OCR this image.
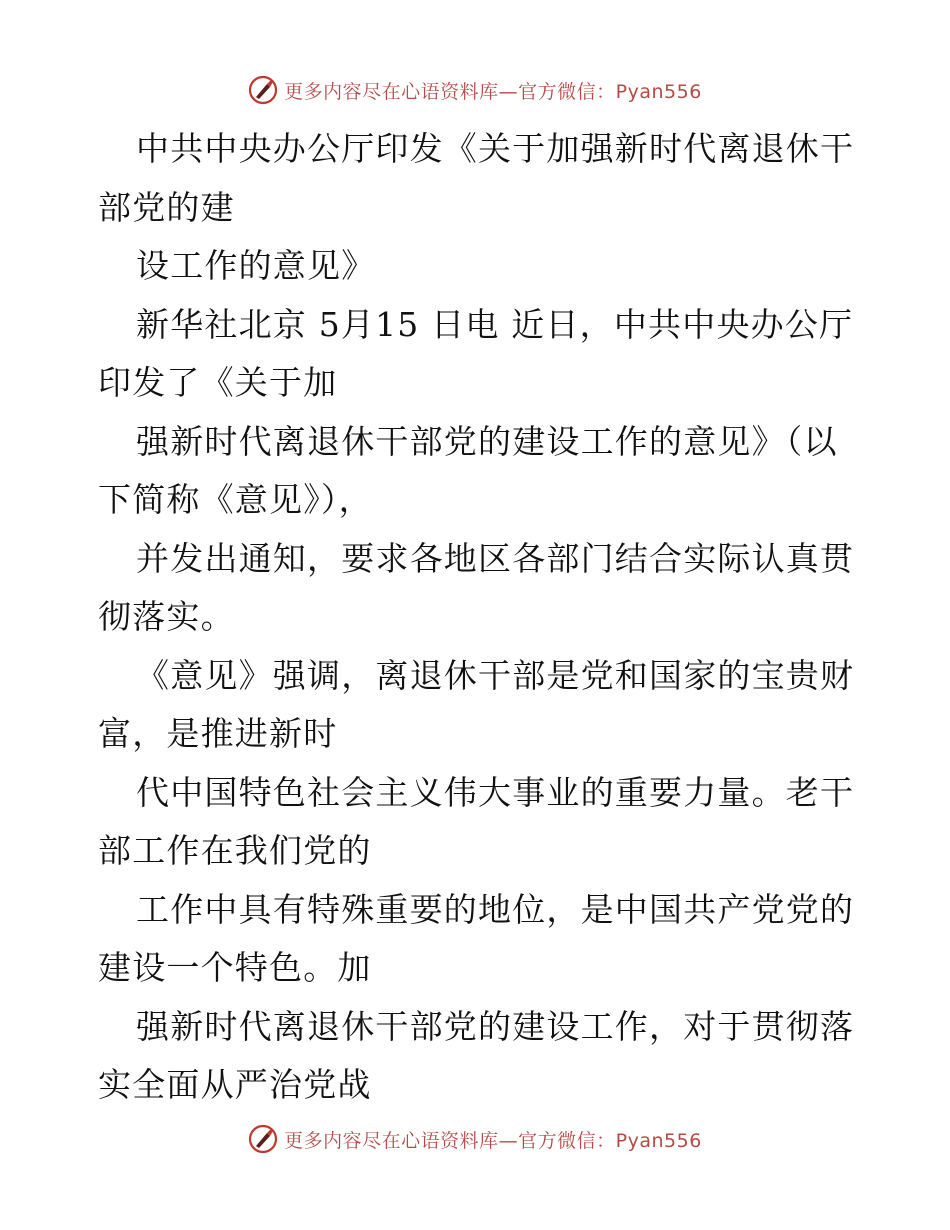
更多内容尽在心语资料库—官方微信：Pyan556

中共中央办公厅印发《关于加强新时代离退休干部党的建

设工作的意见》

新华社北京 5月15 日电 近日，中共中央办公厅印发了《关于加

强新时代离退休干部党的建设工作的意见》（以下简称《意见》），

并发出通知，要求各地区各部门结合实际认真贯彻落实。

《意见》强调，离退休干部是党和国家的宝贵财富，是推进新时

代中国特色社会主义伟大事业的重要力量。老干部工作在我们党的

工作中具有特殊重要的地位，是中国共产党党的建设一个特色。加

强新时代离退休干部党的建设工作，对于贯彻落实全面从严治党战

更多内容尽在心语资料库—官方微信：Pyan556
